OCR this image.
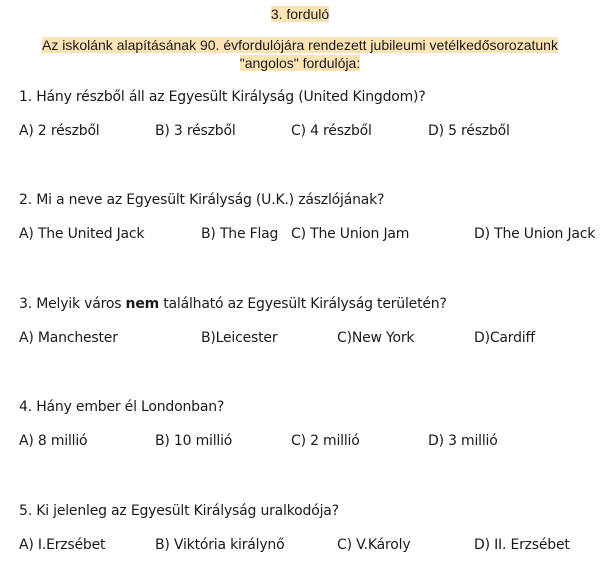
3. forduló
Az iskolánk alapításának 90. évfordulójára rendezett jubileumi vetélkedősorozatunk
"angolos" fordulója:
1. Hány részből áll az Egyesült Királyság (United Kingdom)?
A) 2 részből	B) 3 részből	C) 4 részből	D) 5 részből
2. Mi a neve az Egyesült Királyság (U.K.) zászlójának?
A) The United Jack	B) The Flag C) The Union Jam	D) The Union Jack
3. Melyik város nem található az Egyesült Királyság területén?
A) Manchester	B)Leicester	C)New York	D)Cardiff
4. Hány ember él Londonban?
A) 8 millió	B) 10 millió	C) 2 millió	D) 3 millió
5. Ki jelenleg az Egyesült Királyság uralkodója?
A) I.Erzsébet	B) Viktória királynő	C) V.Károly	D) II. Erzsébet
